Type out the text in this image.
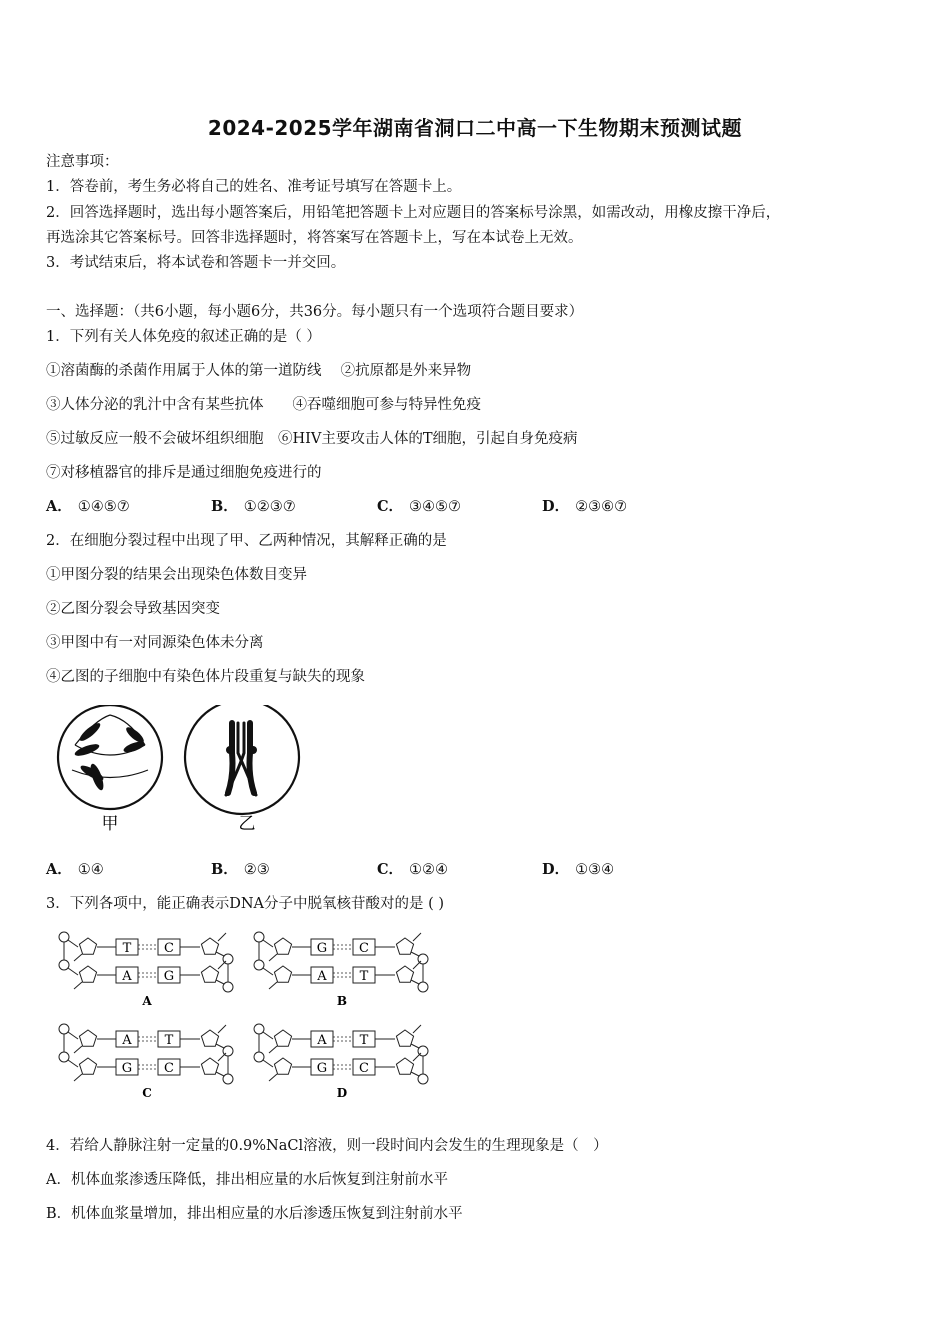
2024-2025学年湖南省洞口二中高一下生物期末预测试题
注意事项：
1．答卷前，考生务必将自己的姓名、准考证号填写在答题卡上。
2．回答选择题时，选出每小题答案后，用铅笔把答题卡上对应题目的答案标号涂黑，如需改动，用橡皮擦干净后，
再选涂其它答案标号。回答非选择题时，将答案写在答题卡上，写在本试卷上无效。
3．考试结束后，将本试卷和答题卡一并交回。
一、选择题：（共6小题，每小题6分，共36分。每小题只有一个选项符合题目要求）
1．下列有关人体免疫的叙述正确的是（ ）
①溶菌酶的杀菌作用属于人体的第一道防线　 ②抗原都是外来异物
③人体分泌的乳汁中含有某些抗体　　④吞噬细胞可参与特异性免疫
⑤过敏反应一般不会破坏组织细胞　⑥HIV主要攻击人体的T细胞，引起自身免疫病
⑦对移植器官的排斥是通过细胞免疫进行的
A． ①④⑤⑦	B． ①②③⑦	C． ③④⑤⑦	D． ②③⑥⑦
2．在细胞分裂过程中出现了甲、乙两种情况，其解释正确的是
①甲图分裂的结果会出现染色体数目变异
②乙图分裂会导致基因突变
③甲图中有一对同源染色体未分离
④乙图的子细胞中有染色体片段重复与缺失的现象
甲	乙
A． ①④	B． ②③	C． ①②④	D． ①③④
3．下列各项中，能正确表示DNA分子中脱氧核苷酸对的是 ( )
T	C
A G
A
G C
A	T
B
A	T
G C
C
A	T
G C
D
4．若给人静脉注射一定量的0.9%NaCl溶液，则一段时间内会发生的生理现象是（　）
A．机体血浆渗透压降低，排出相应量的水后恢复到注射前水平
B．机体血浆量增加，排出相应量的水后渗透压恢复到注射前水平
